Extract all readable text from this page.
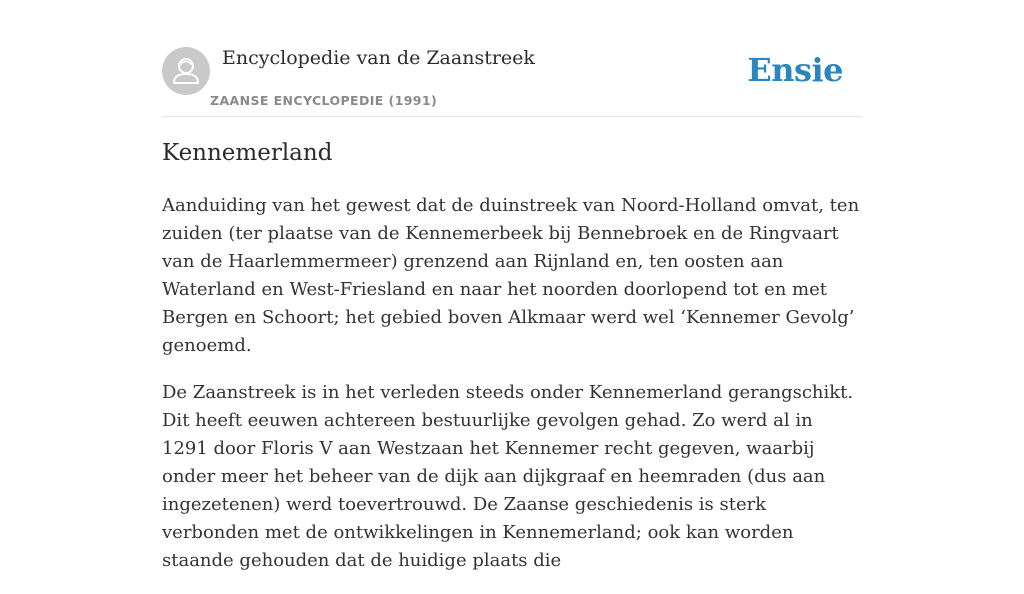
Encyclopedie van de Zaanstreek
ZAANSE ENCYCLOPEDIE (1991)
Ensie
Kennemerland

Aanduiding van het gewest dat de duinstreek van Noord-Holland omvat, ten zuiden (ter plaatse van de Kennemerbeek bij Bennebroek en de Ringvaart van de Haarlemmermeer) grenzend aan Rijnland en, ten oosten aan Waterland en West-Friesland en naar het noorden doorlopend tot en met Bergen en Schoort; het gebied boven Alkmaar werd wel ‘Kennemer Gevolg’ genoemd.

De Zaanstreek is in het verleden steeds onder Kennemerland gerangschikt. Dit heeft eeuwen achtereen bestuurlijke gevolgen gehad. Zo werd al in 1291 door Floris V aan Westzaan het Kennemer recht gegeven, waarbij onder meer het beheer van de dijk aan dijkgraaf en heemraden (dus aan ingezetenen) werd toevertrouwd. De Zaanse geschiedenis is sterk verbonden met de ontwikkelingen in Kennemerland; ook kan worden staande gehouden dat de huidige plaats die
